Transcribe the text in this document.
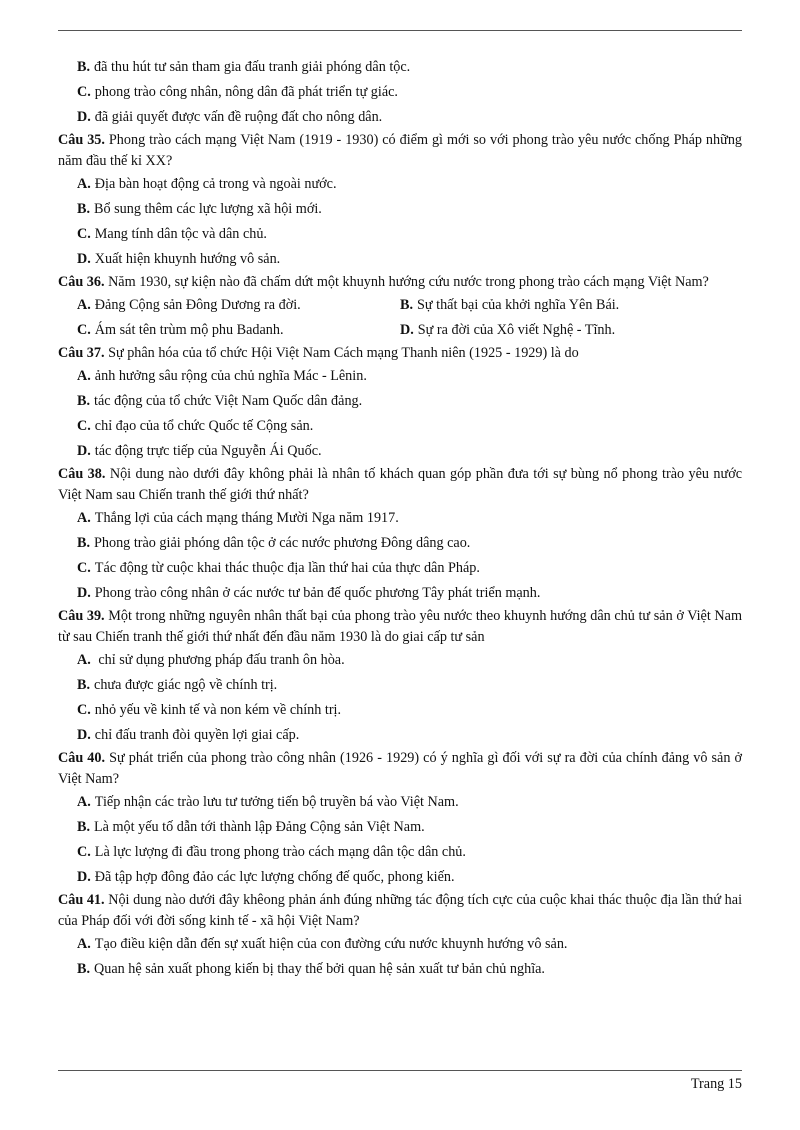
B. đã thu hút tư sản tham gia đấu tranh giải phóng dân tộc.

C. phong trào công nhân, nông dân đã phát triển tự giác.

D. đã giải quyết được vấn đề ruộng đất cho nông dân.

Câu 35. Phong trào cách mạng Việt Nam (1919 - 1930) có điểm gì mới so với phong trào yêu nước chống Pháp những năm đầu thế kỉ XX?

A. Địa bàn hoạt động cả trong và ngoài nước.

B. Bổ sung thêm các lực lượng xã hội mới.

C. Mang tính dân tộc và dân chủ.

D. Xuất hiện khuynh hướng vô sản.

Câu 36. Năm 1930, sự kiện nào đã chấm dứt một khuynh hướng cứu nước trong phong trào cách mạng Việt Nam?

A. Đảng Cộng sản Đông Dương ra đời.	B. Sự thất bại của khởi nghĩa Yên Bái.
C. Ám sát tên trùm mộ phu Badanh.	D. Sự ra đời của Xô viết Nghệ - Tĩnh.

Câu 37. Sự phân hóa của tổ chức Hội Việt Nam Cách mạng Thanh niên (1925 - 1929) là do

A. ảnh hưởng sâu rộng của chủ nghĩa Mác - Lênin.

B. tác động của tổ chức Việt Nam Quốc dân đảng.

C. chỉ đạo của tổ chức Quốc tế Cộng sản.

D. tác động trực tiếp của Nguyễn Ái Quốc.

Câu 38. Nội dung nào dưới đây không phải là nhân tố khách quan góp phần đưa tới sự bùng nổ phong trào yêu nước Việt Nam sau Chiến tranh thế giới thứ nhất?

A. Thắng lợi của cách mạng tháng Mười Nga năm 1917.

B. Phong trào giải phóng dân tộc ở các nước phương Đông dâng cao.

C. Tác động từ cuộc khai thác thuộc địa lần thứ hai của thực dân Pháp.

D. Phong trào công nhân ở các nước tư bản đế quốc phương Tây phát triển mạnh.

Câu 39. Một trong những nguyên nhân thất bại của phong trào yêu nước theo khuynh hướng dân chủ tư sản ở Việt Nam từ sau Chiến tranh thế giới thứ nhất đến đầu năm 1930 là do giai cấp tư sản

A. chỉ sử dụng phương pháp đấu tranh ôn hòa.

B. chưa được giác ngộ về chính trị.

C. nhỏ yếu về kinh tế và non kém về chính trị.

D. chỉ đấu tranh đòi quyền lợi giai cấp.

Câu 40. Sự phát triển của phong trào công nhân (1926 - 1929) có ý nghĩa gì đối với sự ra đời của chính đảng vô sản ở Việt Nam?

A. Tiếp nhận các trào lưu tư tưởng tiến bộ truyền bá vào Việt Nam.

B. Là một yếu tố dẫn tới thành lập Đảng Cộng sản Việt Nam.

C. Là lực lượng đi đầu trong phong trào cách mạng dân tộc dân chủ.

D. Đã tập hợp đông đảo các lực lượng chống đế quốc, phong kiến.

Câu 41. Nội dung nào dưới đây khêong phản ánh đúng những tác động tích cực của cuộc khai thác thuộc địa lần thứ hai của Pháp đối với đời sống kinh tế - xã hội Việt Nam?

A. Tạo điều kiện dẫn đến sự xuất hiện của con đường cứu nước khuynh hướng vô sản.

B. Quan hệ sản xuất phong kiến bị thay thế bởi quan hệ sản xuất tư bản chủ nghĩa.

Trang 15
